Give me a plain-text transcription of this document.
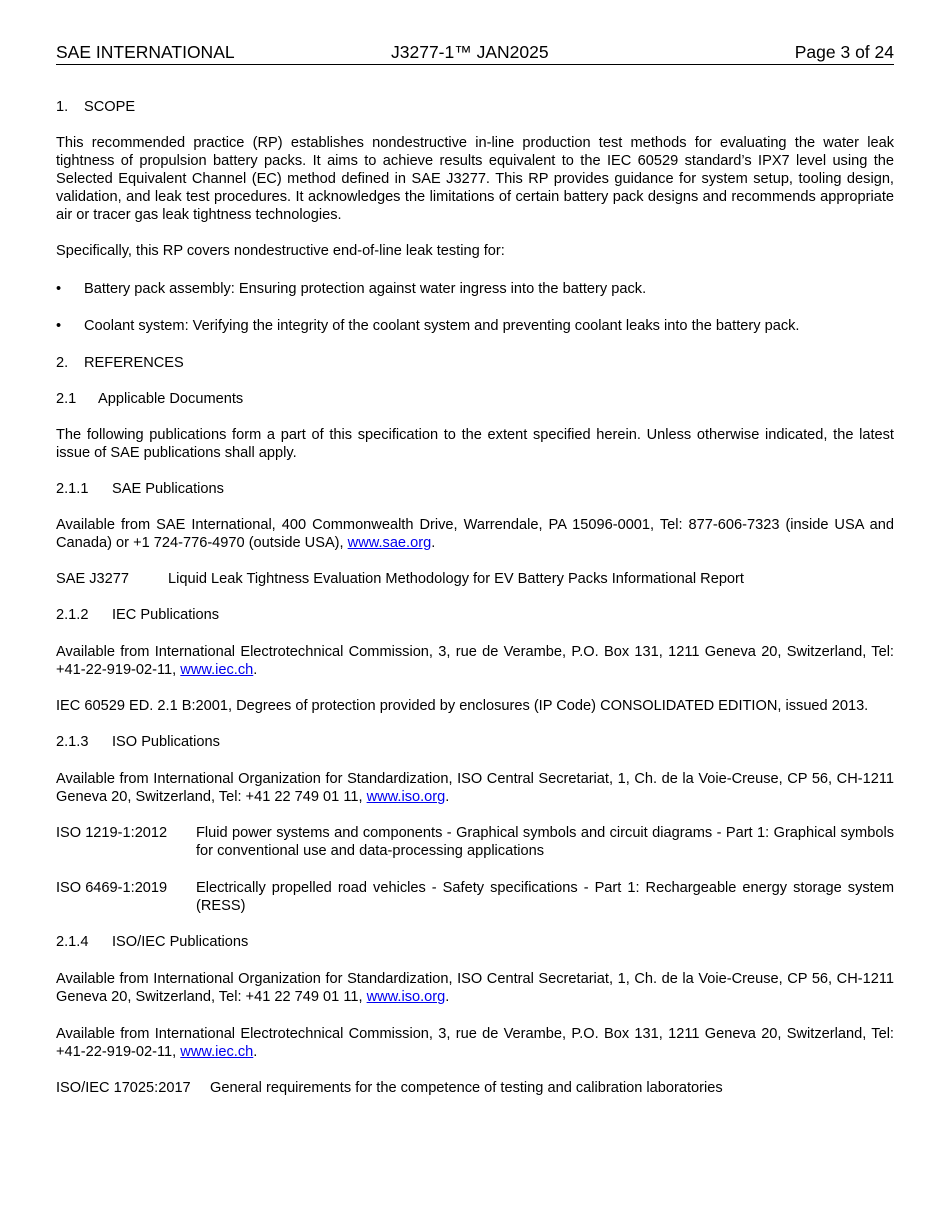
SAE INTERNATIONAL	J3277-1™ JAN2025	Page 3 of 24
1.	SCOPE

This recommended practice (RP) establishes nondestructive in-line production test methods for evaluating the water leak tightness of propulsion battery packs. It aims to achieve results equivalent to the IEC 60529 standard’s IPX7 level using the Selected Equivalent Channel (EC) method defined in SAE J3277. This RP provides guidance for system setup, tooling design, validation, and leak test procedures. It acknowledges the limitations of certain battery pack designs and recommends appropriate air or tracer gas leak tightness technologies.

Specifically, this RP covers nondestructive end-of-line leak testing for:

•	Battery pack assembly: Ensuring protection against water ingress into the battery pack.
•	Coolant system: Verifying the integrity of the coolant system and preventing coolant leaks into the battery pack.
2.	REFERENCES
2.1	Applicable Documents

The following publications form a part of this specification to the extent specified herein. Unless otherwise indicated, the latest issue of SAE publications shall apply.

2.1.1	SAE Publications

Available from SAE International, 400 Commonwealth Drive, Warrendale, PA 15096-0001, Tel: 877-606-7323 (inside USA and Canada) or +1 724-776-4970 (outside USA), www.sae.org.

SAE J3277	Liquid Leak Tightness Evaluation Methodology for EV Battery Packs Informational Report
2.1.2	IEC Publications

Available from International Electrotechnical Commission, 3, rue de Verambe, P.O. Box 131, 1211 Geneva 20, Switzerland, Tel: +41-22-919-02-11, www.iec.ch.

IEC 60529 ED. 2.1 B:2001, Degrees of protection provided by enclosures (IP Code) CONSOLIDATED EDITION, issued 2013.

2.1.3	ISO Publications

Available from International Organization for Standardization, ISO Central Secretariat, 1, Ch. de la Voie-Creuse, CP 56, CH-1211 Geneva 20, Switzerland, Tel: +41 22 749 01 11, www.iso.org.

ISO 1219-1:2012	Fluid power systems and components - Graphical symbols and circuit diagrams - Part 1: Graphical symbols for conventional use and data-processing applications
ISO 6469-1:2019	Electrically propelled road vehicles - Safety specifications - Part 1: Rechargeable energy storage system (RESS)
2.1.4	ISO/IEC Publications

Available from International Organization for Standardization, ISO Central Secretariat, 1, Ch. de la Voie-Creuse, CP 56, CH-1211 Geneva 20, Switzerland, Tel: +41 22 749 01 11, www.iso.org.

Available from International Electrotechnical Commission, 3, rue de Verambe, P.O. Box 131, 1211 Geneva 20, Switzerland, Tel: +41-22-919-02-11, www.iec.ch.

ISO/IEC 17025:2017	General requirements for the competence of testing and calibration laboratories
